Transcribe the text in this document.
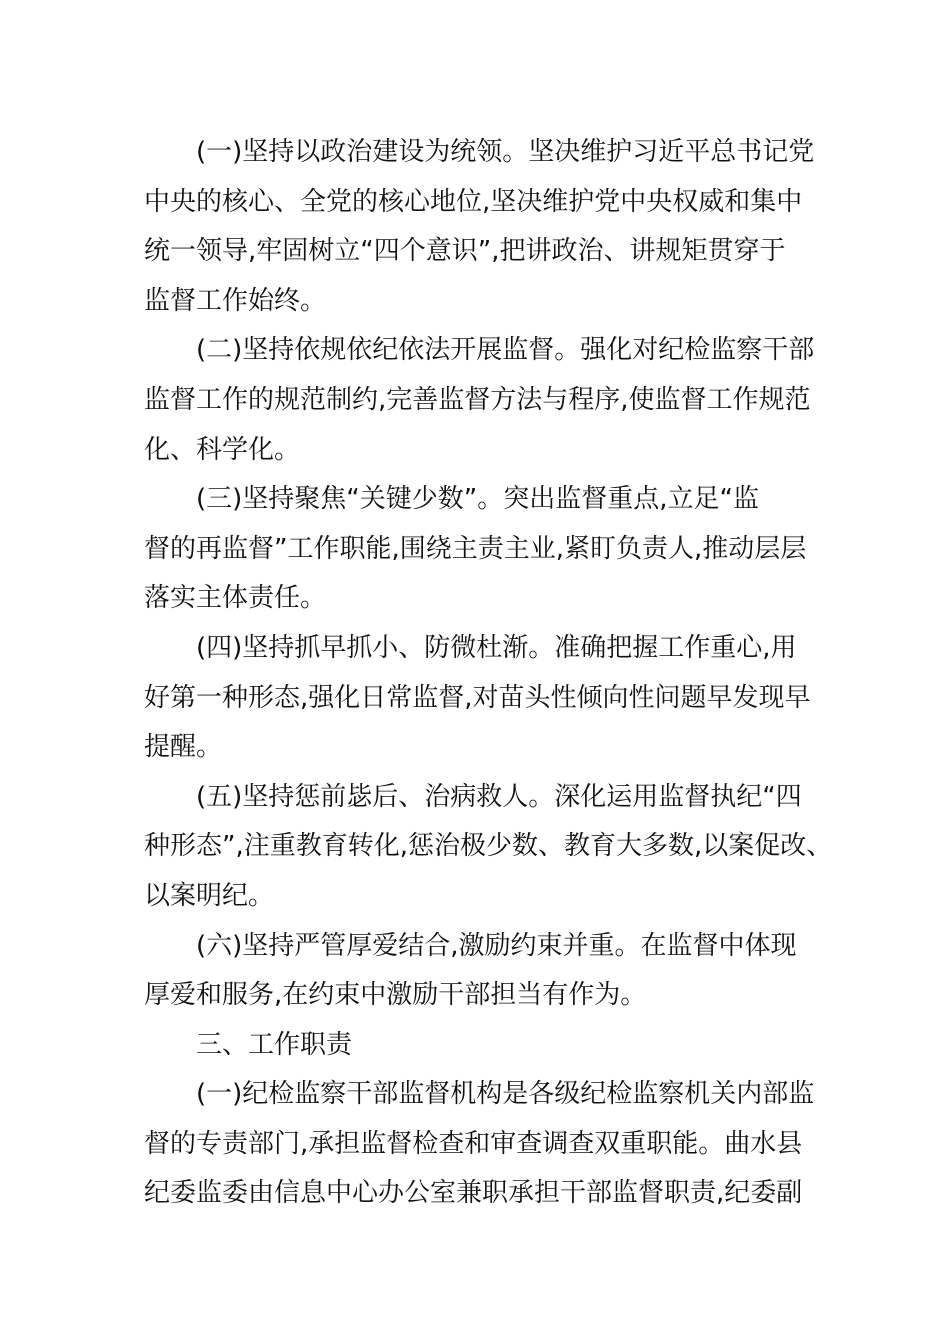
(一)坚持以政治建设为统领。坚决维护习近平总书记党
中央的核心、全党的核心地位,坚决维护党中央权威和集中
统一领导,牢固树立“四个意识”,把讲政治、讲规矩贯穿于
监督工作始终。
(二)坚持依规依纪依法开展监督。强化对纪检监察干部
监督工作的规范制约,完善监督方法与程序,使监督工作规范
化、科学化。
(三)坚持聚焦“关键少数”。突出监督重点,立足“监
督的再监督”工作职能,围绕主责主业,紧盯负责人,推动层层
落实主体责任。
(四)坚持抓早抓小、防微杜渐。准确把握工作重心,用
好第一种形态,强化日常监督,对苗头性倾向性问题早发现早
提醒。
(五)坚持惩前毖后、治病救人。深化运用监督执纪“四
种形态”,注重教育转化,惩治极少数、教育大多数,以案促改、
以案明纪。
(六)坚持严管厚爱结合,激励约束并重。在监督中体现
厚爱和服务,在约束中激励干部担当有作为。
三、工作职责
(一)纪检监察干部监督机构是各级纪检监察机关内部监
督的专责部门,承担监督检查和审查调查双重职能。曲水县
纪委监委由信息中心办公室兼职承担干部监督职责,纪委副
